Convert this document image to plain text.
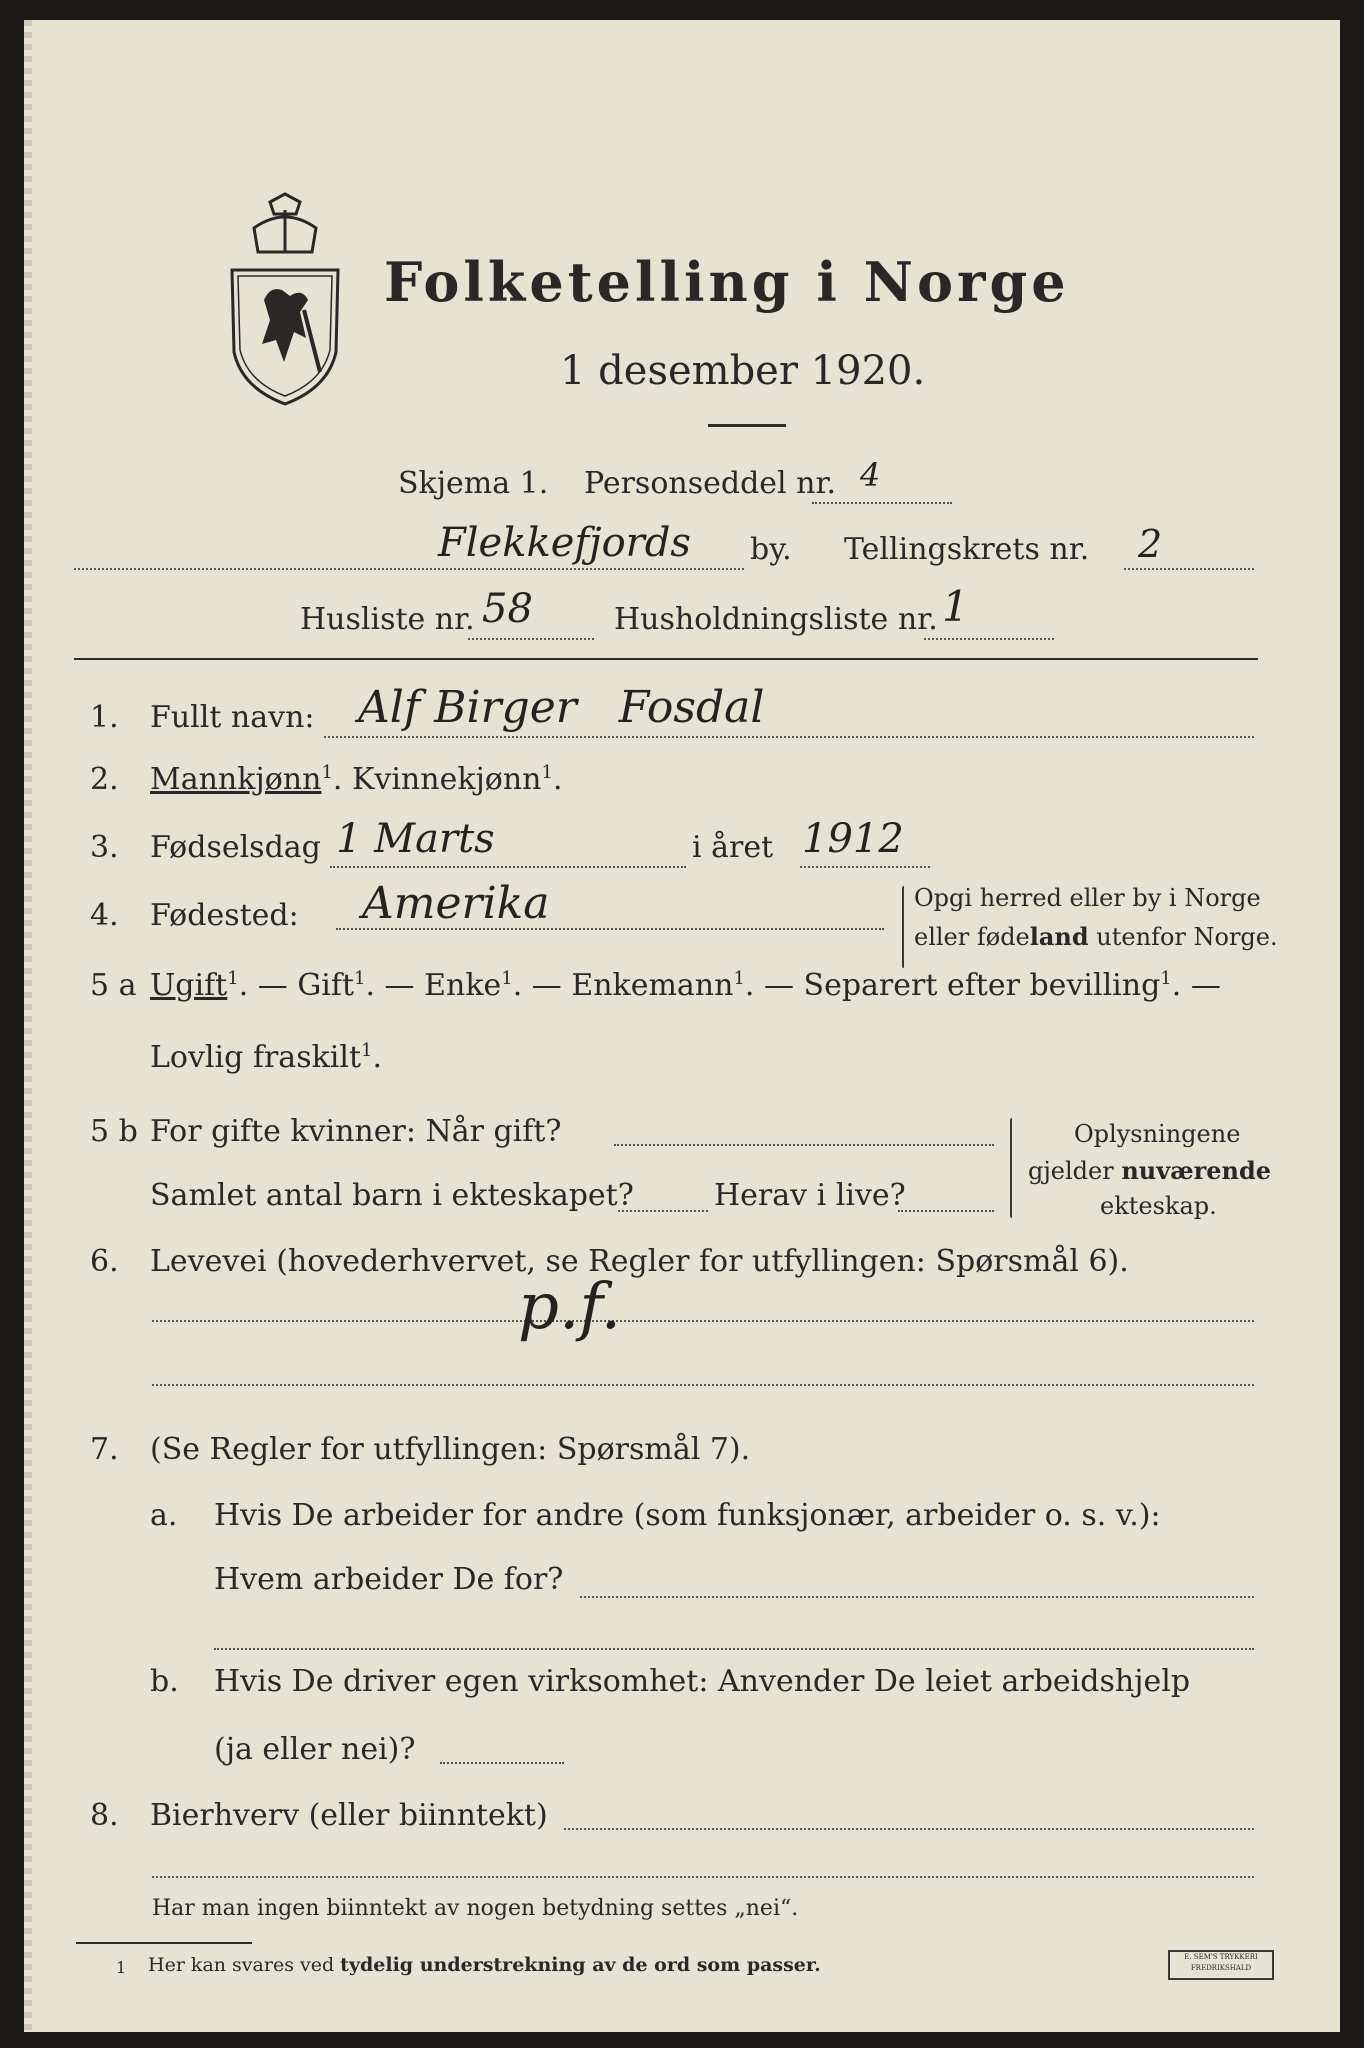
Folketelling i Norge
1 desember 1920.
Skjema 1. Personseddel nr. 4
Flekkefjords by. Tellingskrets nr. 2
Husliste nr. 58	Husholdningsliste nr. 1
1. Fullt navn: Alf Birger   Fosdal
2. Mannkjønn$^1$. Kvinnekjønn$^1$.
3. Fødselsdag 1 Marts	i året 1912
4. Fødested: Amerika	Opgi herred eller by i Norge
eller fødeland utenfor Norge.
5 a Ugift$^1$. — Gift$^1$. — Enke$^1$. — Enkemann$^1$. — Separert efter bevilling$^1$. —
Lovlig fraskilt$^1$.
5 b For gifte kvinner: Når gift?
Samlet antal barn i ekteskapet?	Herav i live?
Oplysningene
gjelder nuværende
ekteskap.
6. Levevei (hovederhvervet, se Regler for utfyllingen: Spørsmål 6).
p.f.
7. (Se Regler for utfyllingen: Spørsmål 7).
a. Hvis De arbeider for andre (som funksjonær, arbeider o. s. v.):
Hvem arbeider De for?
b. Hvis De driver egen virksomhet: Anvender De leiet arbeidshjelp
(ja eller nei)?
8. Bierhverv (eller biinntekt)
Har man ingen biinntekt av nogen betydning settes „nei“.
1 Her kan svares ved tydelig understrekning av de ord som passer.	E. SEM'S TRYKKERI
FREDRIKSHALD
